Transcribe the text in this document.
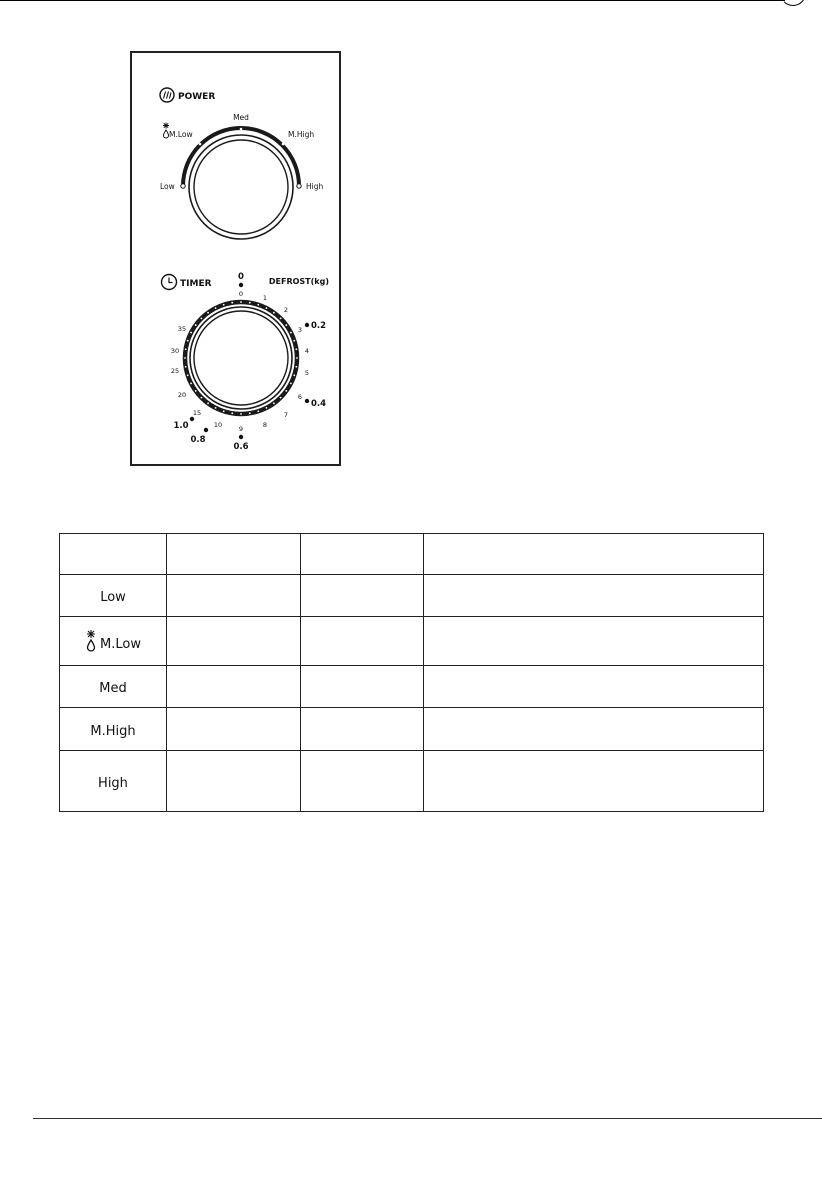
POWER
Low
M.Low
Med
M.High
High
TIMER	DEFROST(kg)
0	1
2
3
4
5
6
7
8
9
10
15
20
25
30
35
0
0.2
0.4
0.6
0.8
1.0

Low			

M.Low			

Med			
M.High			
High			
